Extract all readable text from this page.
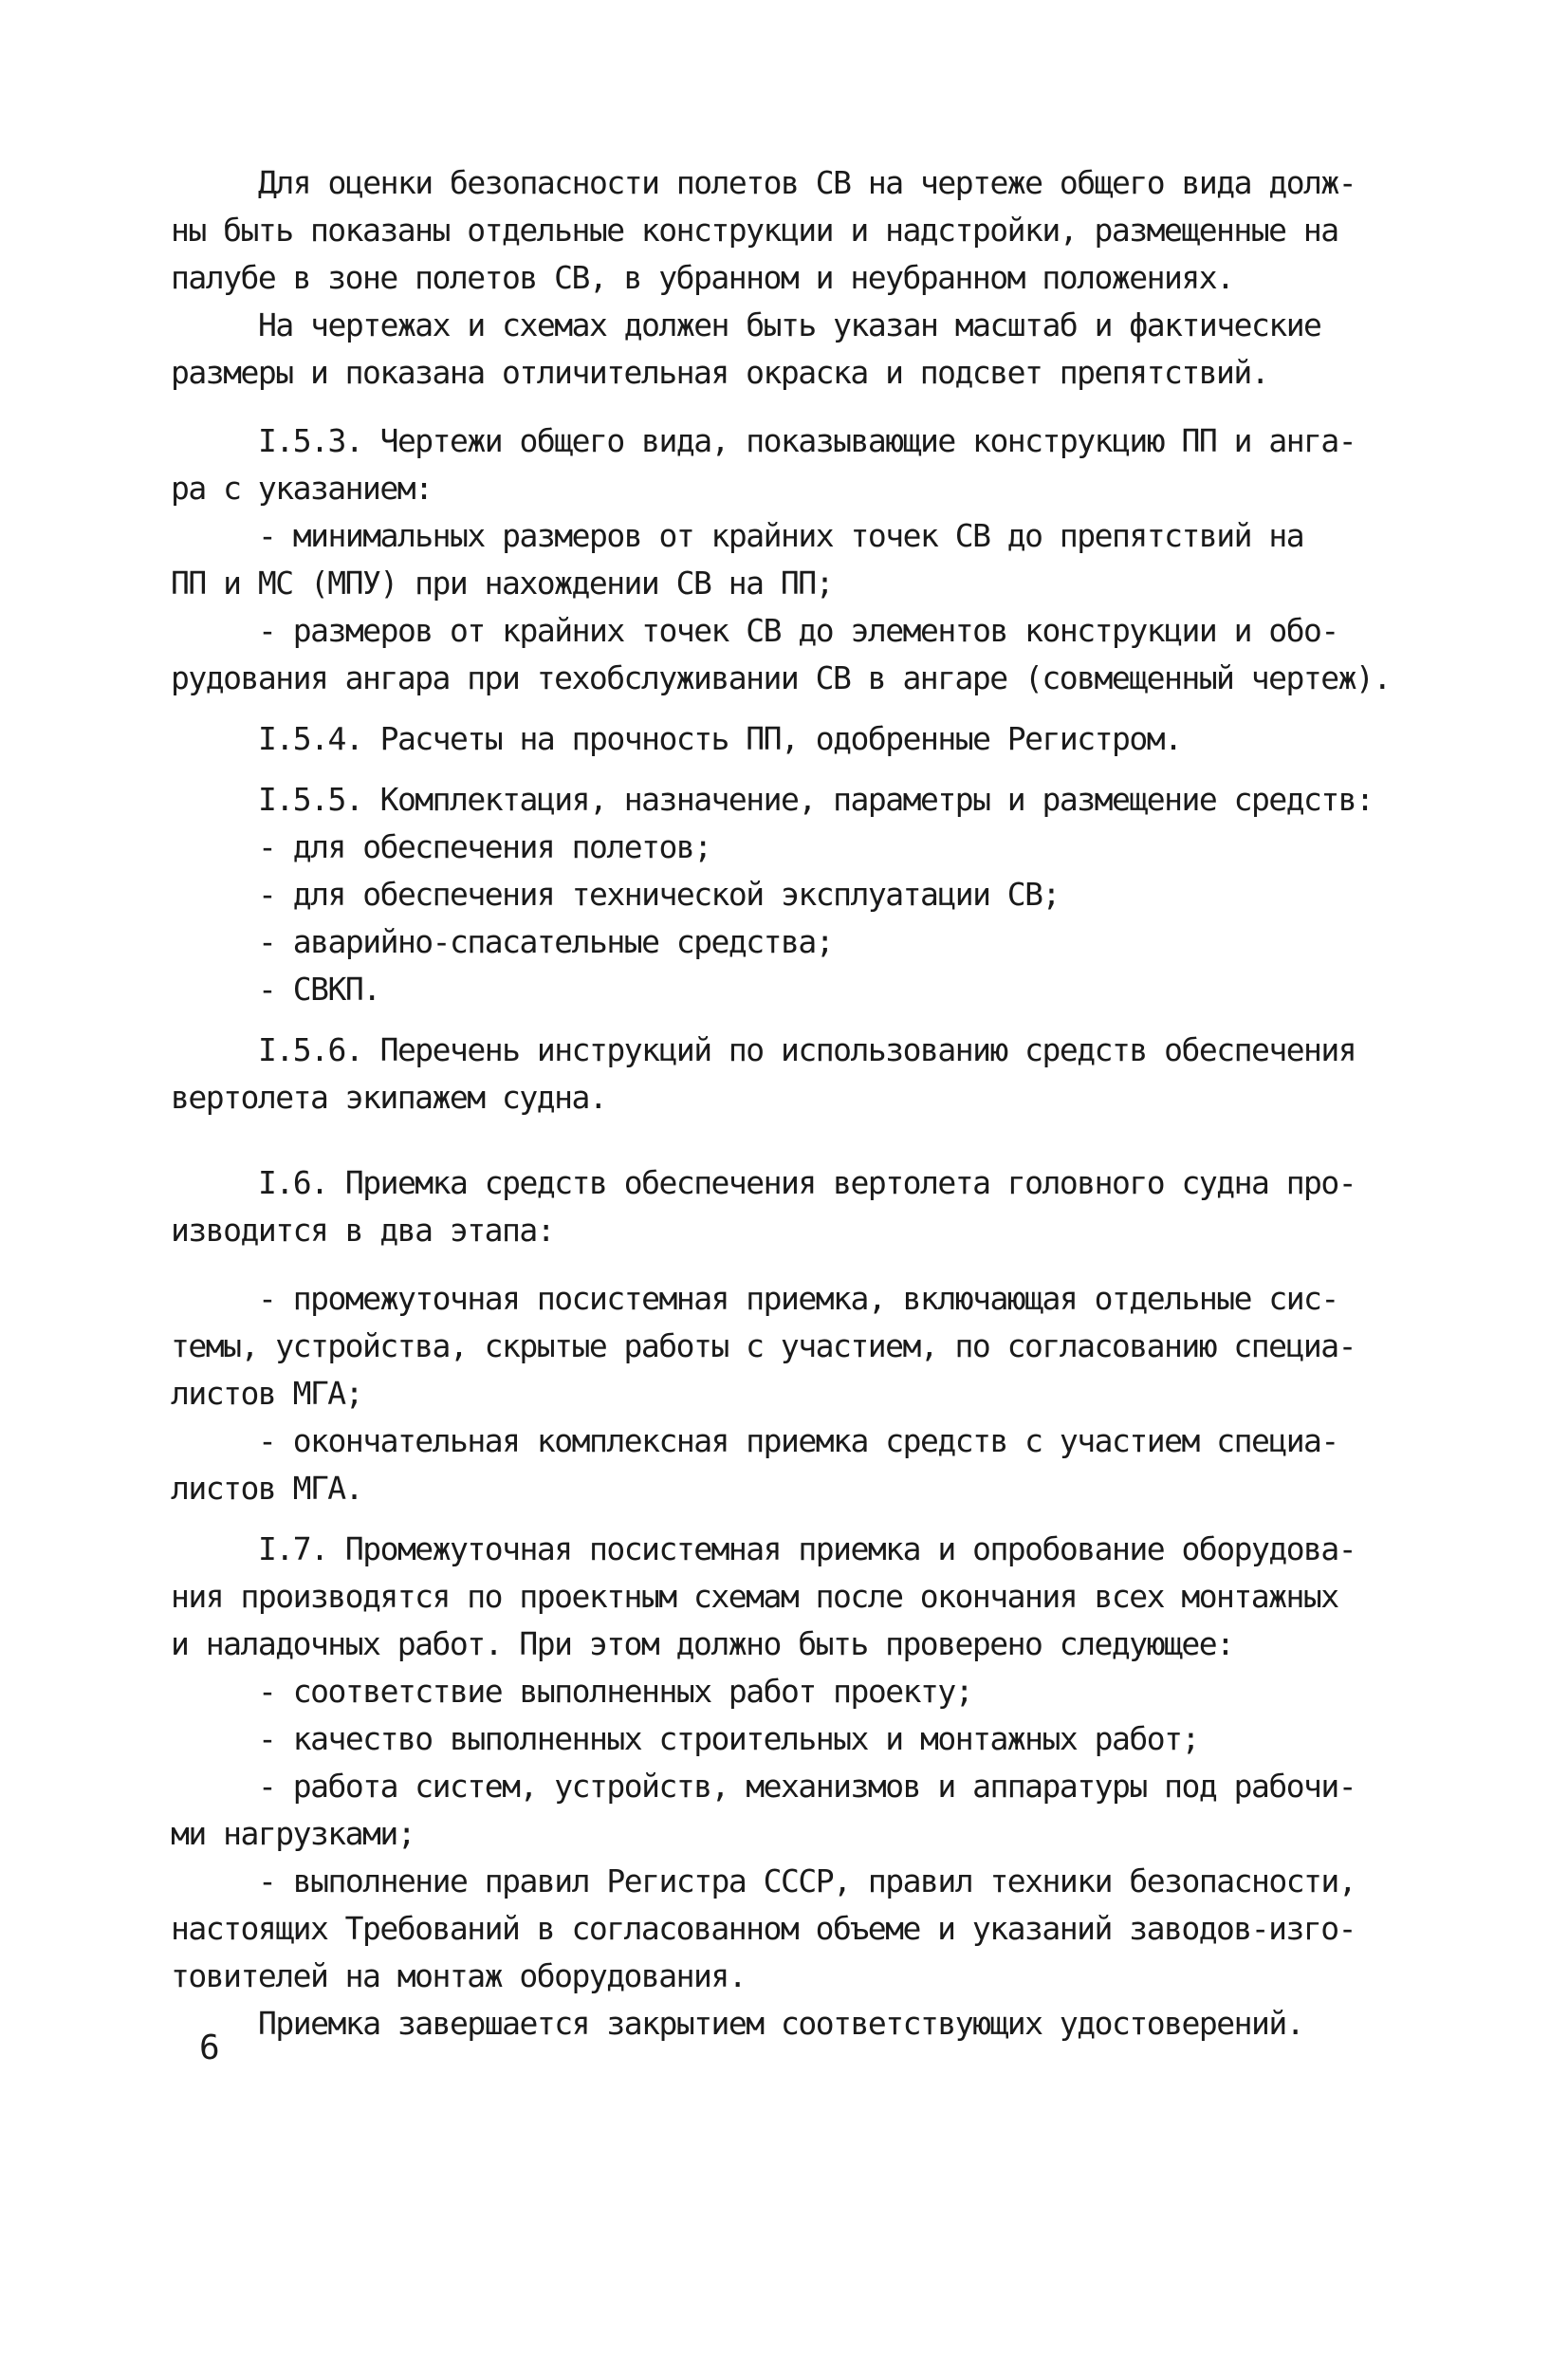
Для оценки безопасности полетов СВ на чертеже общего вида долж-
ны быть показаны отдельные конструкции и надстройки, размещенные на
палубе в зоне полетов СВ, в убранном и неубранном положениях.
На чертежах и схемах должен быть указан масштаб и фактические
размеры и показана отличительная окраска и подсвет препятствий.
I.5.3. Чертежи общего вида, показывающие конструкцию ПП и анга-
ра с указанием:
- минимальных размеров от крайних точек СВ до препятствий на
ПП и МС (МПУ) при нахождении СВ на ПП;
- размеров от крайних точек СВ до элементов конструкции и обо-
рудования ангара при техобслуживании СВ в ангаре (совмещенный чертеж).
I.5.4. Расчеты на прочность ПП, одобренные Регистром.
I.5.5. Комплектация, назначение, параметры и размещение средств:
- для обеспечения полетов;
- для обеспечения технической эксплуатации СВ;
- аварийно-спасательные средства;
- СВКП.
I.5.6. Перечень инструкций по использованию средств обеспечения
вертолета экипажем судна.
I.6. Приемка средств обеспечения вертолета головного судна про-
изводится в два этапа:
- промежуточная посистемная приемка, включающая отдельные сис-
темы, устройства, скрытые работы с участием, по согласованию специа-
листов МГА;
- окончательная комплексная приемка средств с участием специа-
листов МГА.
I.7. Промежуточная посистемная приемка и опробование оборудова-
ния производятся по проектным схемам после окончания всех монтажных
и наладочных работ. При этом должно быть проверено следующее:
- соответствие выполненных работ проекту;
- качество выполненных строительных и монтажных работ;
- работа систем, устройств, механизмов и аппаратуры под рабочи-
ми нагрузками;
- выполнение правил Регистра СССР, правил техники безопасности,
настоящих Требований в согласованном объеме и указаний заводов-изго-
товителей на монтаж оборудования.
Приемка завершается закрытием соответствующих удостоверений.
6
